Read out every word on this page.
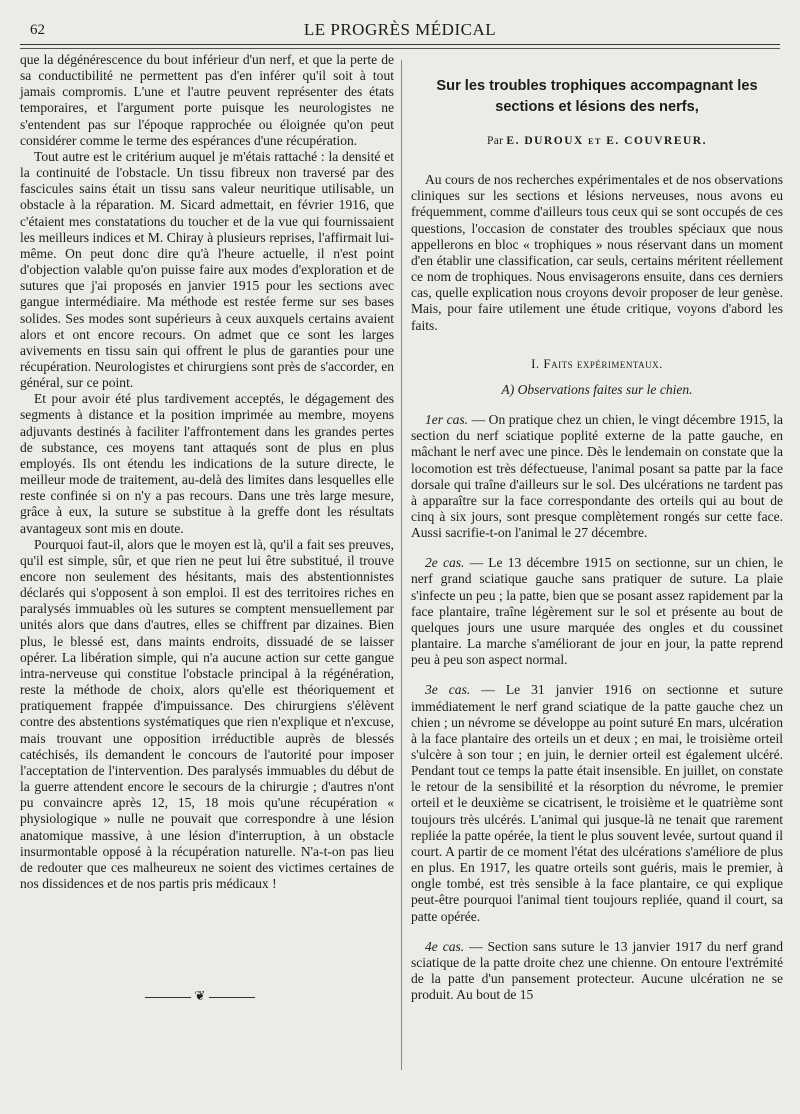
62	LE PROGRÈS MÉDICAL

que la dégénérescence du bout inférieur d'un nerf, et que la perte de sa conductibilité ne permettent pas d'en inférer qu'il soit à tout jamais compromis. L'une et l'autre peuvent représenter des états temporaires, et l'argument porte puisque les neurologistes ne s'entendent pas sur l'époque rapprochée ou éloignée qu'on peut considérer comme le terme des espérances d'une récupération.

Tout autre est le critérium auquel je m'étais rattaché : la densité et la continuité de l'obstacle. Un tissu fibreux non traversé par des fascicules sains était un tissu sans valeur neuritique utilisable, un obstacle à la réparation. M. Sicard admettait, en février 1916, que c'étaient mes constatations du toucher et de la vue qui fournissaient les meilleurs indices et M. Chiray à plusieurs reprises, l'affirmait lui-même. On peut donc dire qu'à l'heure actuelle, il n'est point d'objection valable qu'on puisse faire aux modes d'exploration et de sutures que j'ai proposés en janvier 1915 pour les sections avec gangue intermédiaire. Ma méthode est restée ferme sur ses bases solides. Ses modes sont supérieurs à ceux auxquels certains avaient alors et ont encore recours. On admet que ce sont les larges avivements en tissu sain qui offrent le plus de garanties pour une récupération. Neurologistes et chirurgiens sont près de s'accorder, en général, sur ce point.

Et pour avoir été plus tardivement acceptés, le dégagement des segments à distance et la position imprimée au membre, moyens adjuvants destinés à faciliter l'affrontement dans les grandes pertes de substance, ces moyens tant attaqués sont de plus en plus employés. Ils ont étendu les indications de la suture directe, le meilleur mode de traitement, au-delà des limites dans lesquelles elle reste confinée si on n'y a pas recours. Dans une très large mesure, grâce à eux, la suture se substitue à la greffe dont les résultats avantageux sont mis en doute.

Pourquoi faut-il, alors que le moyen est là, qu'il a fait ses preuves, qu'il est simple, sûr, et que rien ne peut lui être substitué, il trouve encore non seulement des hésitants, mais des abstentionnistes déclarés qui s'opposent à son emploi. Il est des territoires riches en paralysés immuables où les sutures se comptent mensuellement par unités alors que dans d'autres, elles se chiffrent par dizaines. Bien plus, le blessé est, dans maints endroits, dissuadé de se laisser opérer. La libération simple, qui n'a aucune action sur cette gangue intra-nerveuse qui constitue l'obstacle principal à la régénération, reste la méthode de choix, alors qu'elle est théoriquement et pratiquement frappée d'impuissance. Des chirurgiens s'élèvent contre des abstentions systématiques que rien n'explique et n'excuse, mais trouvant une opposition irréductible auprès de blessés catéchisés, ils demandent le concours de l'autorité pour imposer l'acceptation de l'intervention. Des paralysés immuables du début de la guerre attendent encore le secours de la chirurgie ; d'autres n'ont pu convaincre après 12, 15, 18 mois qu'une récupération « physiologique » nulle ne pouvait que correspondre à une lésion anatomique massive, à une lésion d'interruption, à un obstacle insurmontable opposé à la récupération naturelle. N'a-t-on pas lieu de redouter que ces malheureux ne soient des victimes certaines de nos dissidences et de nos partis pris médicaux !

❦
Sur les troubles trophiques accompagnant les sections et lésions des nerfs,
Par E. DUROUX et E. COUVREUR.

Au cours de nos recherches expérimentales et de nos observations cliniques sur les sections et lésions nerveuses, nous avons eu fréquemment, comme d'ailleurs tous ceux qui se sont occupés de ces questions, l'occasion de constater des troubles spéciaux que nous appellerons en bloc « trophiques » nous réservant dans un moment d'en établir une classification, car seuls, certains méritent réellement ce nom de trophiques. Nous envisagerons ensuite, dans ces derniers cas, quelle explication nous croyons devoir proposer de leur genèse. Mais, pour faire utilement une étude critique, voyons d'abord les faits.

I. Faits expérimentaux.
A) Observations faites sur le chien.

1er cas. — On pratique chez un chien, le vingt décembre 1915, la section du nerf sciatique poplité externe de la patte gauche, en mâchant le nerf avec une pince. Dès le lendemain on constate que la locomotion est très défectueuse, l'animal posant sa patte par la face dorsale qui traîne d'ailleurs sur le sol. Des ulcérations ne tardent pas à apparaître sur la face correspondante des orteils qui au bout de cinq à six jours, sont presque complètement rongés sur cette face. Aussi sacrifie-t-on l'animal le 27 décembre.

2e cas. — Le 13 décembre 1915 on sectionne, sur un chien, le nerf grand sciatique gauche sans pratiquer de suture. La plaie s'infecte un peu ; la patte, bien que se posant assez rapidement par la face plantaire, traîne légèrement sur le sol et présente au bout de quelques jours une usure marquée des ongles et du coussinet plantaire. La marche s'améliorant de jour en jour, la patte reprend peu à peu son aspect normal.

3e cas. — Le 31 janvier 1916 on sectionne et suture immédiatement le nerf grand sciatique de la patte gauche chez un chien ; un névrome se développe au point suturé En mars, ulcération à la face plantaire des orteils un et deux ; en mai, le troisième orteil s'ulcère à son tour ; en juin, le dernier orteil est également ulcéré. Pendant tout ce temps la patte était insensible. En juillet, on constate le retour de la sensibilité et la résorption du névrome, le premier orteil et le deuxième se cicatrisent, le troisième et le quatrième sont toujours très ulcérés. L'animal qui jusque-là ne tenait que rarement repliée la patte opérée, la tient le plus souvent levée, surtout quand il court. A partir de ce moment l'état des ulcérations s'améliore de plus en plus. En 1917, les quatre orteils sont guéris, mais le premier, à ongle tombé, est très sensible à la face plantaire, ce qui explique peut-être pourquoi l'animal tient toujours repliée, quand il court, sa patte opérée.

4e cas. — Section sans suture le 13 janvier 1917 du nerf grand sciatique de la patte droite chez une chienne. On entoure l'extrémité de la patte d'un pansement protecteur. Aucune ulcération ne se produit. Au bout de 15
